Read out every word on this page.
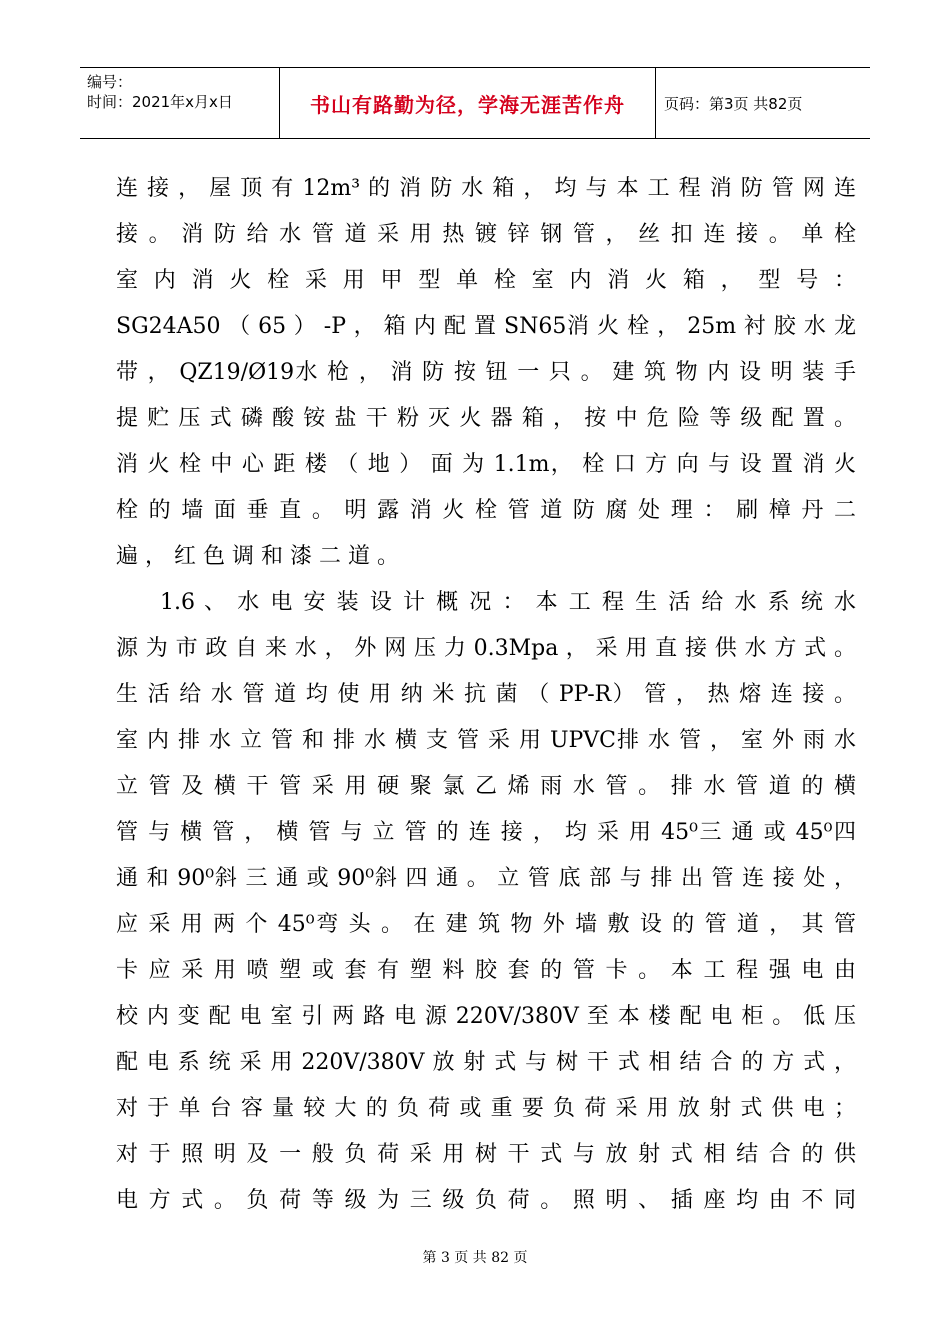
编号：
时间：2021年x月x日	书山有路勤为径，学海无涯苦作舟	页码：第3页 共82页
连 接 ， 屋 顶 有 12m³ 的 消 防 水 箱 ， 均 与 本 工 程 消 防 管 网 连
接 。 消 防 给 水 管 道 采 用 热 镀 锌 钢 管 ， 丝 扣 连 接 。 单 栓
室 内 消 火 栓 采 用 甲 型 单 栓 室 内 消 火 箱 ， 型 号 ：
SG24A50 （ 65 ） -P ， 箱 内 配 置 SN65消 火 栓 ， 25m 衬 胶 水 龙
带 ， QZ19/Ø19水 枪 ， 消 防 按 钮 一 只 。 建 筑 物 内 设 明 装 手
提 贮 压 式 磷 酸 铵 盐 干 粉 灭 火 器 箱 ， 按 中 危 险 等 级 配 置 。
消 火 栓 中 心 距 楼 （ 地 ） 面 为 1.1m， 栓 口 方 向 与 设 置 消 火
栓 的 墙 面 垂 直 。 明 露 消 火 栓 管 道 防 腐 处 理 ： 刷 樟 丹 二
遍 ， 红 色 调 和 漆 二 道 。
1.6 、 水 电 安 装 设 计 概 况 ： 本 工 程 生 活 给 水 系 统 水
源 为 市 政 自 来 水 ， 外 网 压 力 0.3Mpa ， 采 用 直 接 供 水 方 式 。
生 活 给 水 管 道 均 使 用 纳 米 抗 菌 （ PP-R） 管 ， 热 熔 连 接 。
室 内 排 水 立 管 和 排 水 横 支 管 采 用 UPVC排 水 管 ， 室 外 雨 水
立 管 及 横 干 管 采 用 硬 聚 氯 乙 烯 雨 水 管 。 排 水 管 道 的 横
管 与 横 管 ， 横 管 与 立 管 的 连 接 ， 均 采 用 45⁰三 通 或 45⁰四
通 和 90⁰斜 三 通 或 90⁰斜 四 通 。 立 管 底 部 与 排 出 管 连 接 处 ，
应 采 用 两 个 45⁰弯 头 。 在 建 筑 物 外 墙 敷 设 的 管 道 ， 其 管
卡 应 采 用 喷 塑 或 套 有 塑 料 胶 套 的 管 卡 。 本 工 程 强 电 由
校 内 变 配 电 室 引 两 路 电 源 220V/380V 至 本 楼 配 电 柜 。 低 压
配 电 系 统 采 用 220V/380V 放 射 式 与 树 干 式 相 结 合 的 方 式 ，
对 于 单 台 容 量 较 大 的 负 荷 或 重 要 负 荷 采 用 放 射 式 供 电 ；
对 于 照 明 及 一 般 负 荷 采 用 树 干 式 与 放 射 式 相 结 合 的 供
电 方 式 。 负 荷 等 级 为 三 级 负 荷 。 照 明 、 插 座 均 由 不 同
第 3 页 共 82 页
